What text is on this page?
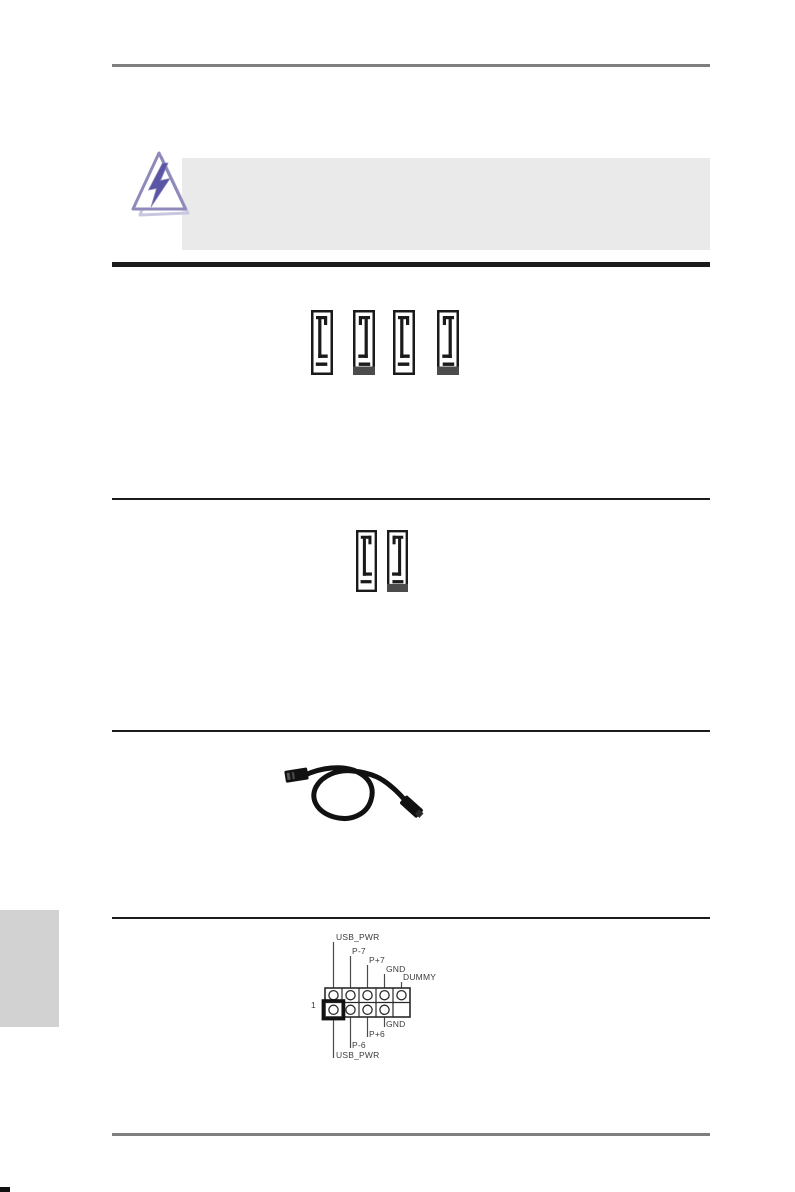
USB_PWR
P-7
P+7
GND
DUMMY
GND
P+6
P-6
USB_PWR
1
